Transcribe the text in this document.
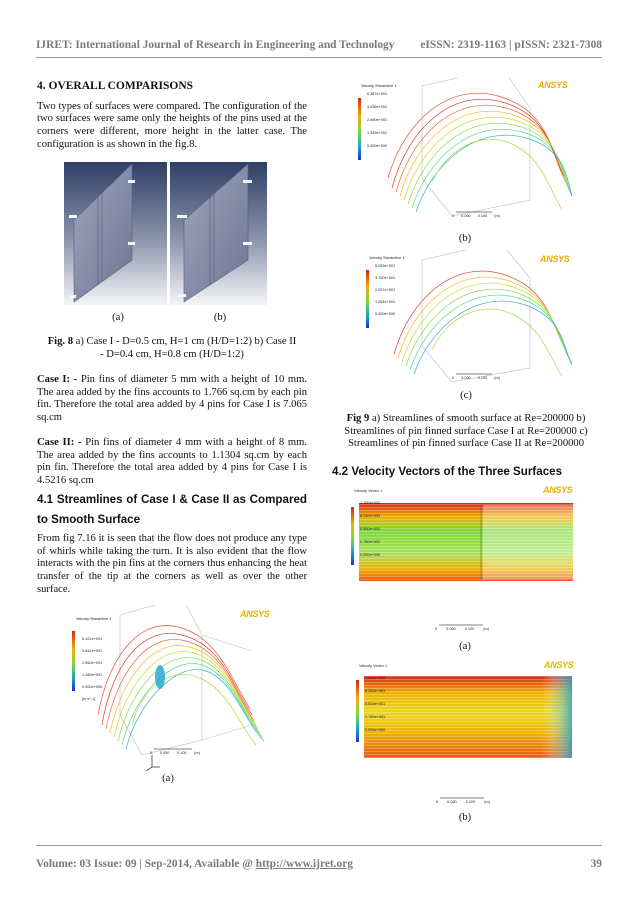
IJRET: International Journal of Research in Engineering and Technology eISSN: 2319-1163 | pISSN: 2321-7308
4. OVERALL COMPARISONS
Two types of surfaces were compared. The configuration of the two surfaces were same only the heights of the pins used at the corners were different, more height in the latter case. The configuration is as shown in the fig.8.
(a)	(b)
Fig. 8 a) Case I - D=0.5 cm, H=1 cm (H/D=1:2) b) Case II - D=0.4 cm, H=0.8 cm (H/D=1:2)
Case I: - Pin fins of diameter 5 mm with a height of 10 mm. The area added by the fins accounts to 1.766 sq.cm by each pin fin. Therefore the total area added by 4 pins for Case I is 7.065 sq.cm
Case II: - Pin fins of diameter 4 mm with a height of 8 mm. The area added by the fins accounts to 1.1304 sq.cm by each pin fin. Therefore the total area added by 4 pins for Case I is 4.5216 sq.cm
4.1 Streamlines of Case I & Case II as Compared to Smooth Surface
From fig 7.16 it is seen that the flow does not produce any type of whirls while taking the turn. It is also evident that the flow interacts with the pin fins at the corners thus enhancing the heat transfer of the tip at the corners as well as over the other surface.
ANSYS
Velocity Streamline 1
5.121e+001
3.841e+001
2.560e+001
1.280e+001
0.000e+000
[m s^-1]
0 0.050 0.100 (m)
(a)
ANSYS
Velocity Streamline 1
6.387e+001
4.036e+001
2.690e+001
1.345e+001
0.000e+000
0 0.050 0.100 (m)
(b)
ANSYS
Velocity Streamline 1
5.053e+001
3.790e+001
2.527e+001
1.264e+001
0.000e+000
0 0.050 0.100 (m)
(c)
Fig 9 a) Streamlines of smooth surface at Re=200000 b) Streamlines of pin finned surface Case I at Re=200000 c) Streamlines of pin finned surface Case II at Re=200000
4.2 Velocity Vectors of the Three Surfaces
ANSYS
Velocity Vector 1
1.100e+002
8.250e+001
5.500e+001
2.750e+001
0.000e+000
0 0.050 0.100 (m)
(a)
ANSYS
Velocity Vector 1
1.100e+002
8.250e+001
5.500e+001
2.750e+001
0.000e+000
0 0.050 0.100 (m)
(b)
Volume: 03 Issue: 09 | Sep-2014, Available @ http://www.ijret.org	39
